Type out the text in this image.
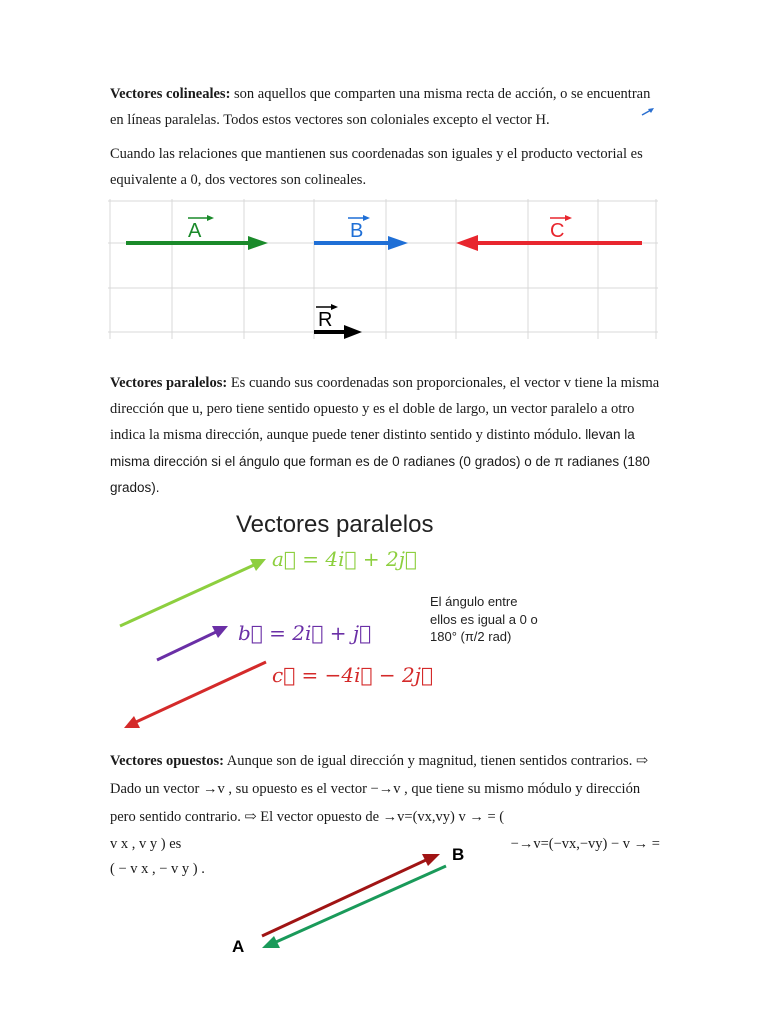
Vectores colineales: son aquellos que comparten una misma recta de acción, o se encuentran en líneas paralelas. Todos estos vectores son coloniales excepto el vector H.
Cuando las relaciones que mantienen sus coordenadas son iguales y el producto vectorial es equivalente a 0, dos vectores son colineales.
A	B	C
R
Vectores paralelos: Es cuando sus coordenadas son proporcionales, el vector v tiene la misma dirección que u, pero tiene sentido opuesto y es el doble de largo, un vector paralelo a otro indica la misma dirección, aunque puede tener distinto sentido y distinto módulo. llevan la misma dirección si el ángulo que forman es de 0 radianes (0 grados) o de π radianes (180 grados).
Vectores paralelos
a⃗ = 4i⃗ + 2j⃗
b⃗ = 2i⃗ + j⃗
c⃗ = −4i⃗ − 2j⃗
El ángulo entre
ellos es igual a 0 o
180° (π/2 rad)
Vectores opuestos: Aunque son de igual dirección y magnitud, tienen sentidos contrarios. ⇨ Dado un vector →v , su opuesto es el vector −→v , que tiene su mismo módulo y dirección pero sentido contrario. ⇨ El vector opuesto de →v=(vx,vy) v → = (
v x , v y ) es	−→v=(−vx,−vy) − v → =
( − v x , − v y ) .
B
A
